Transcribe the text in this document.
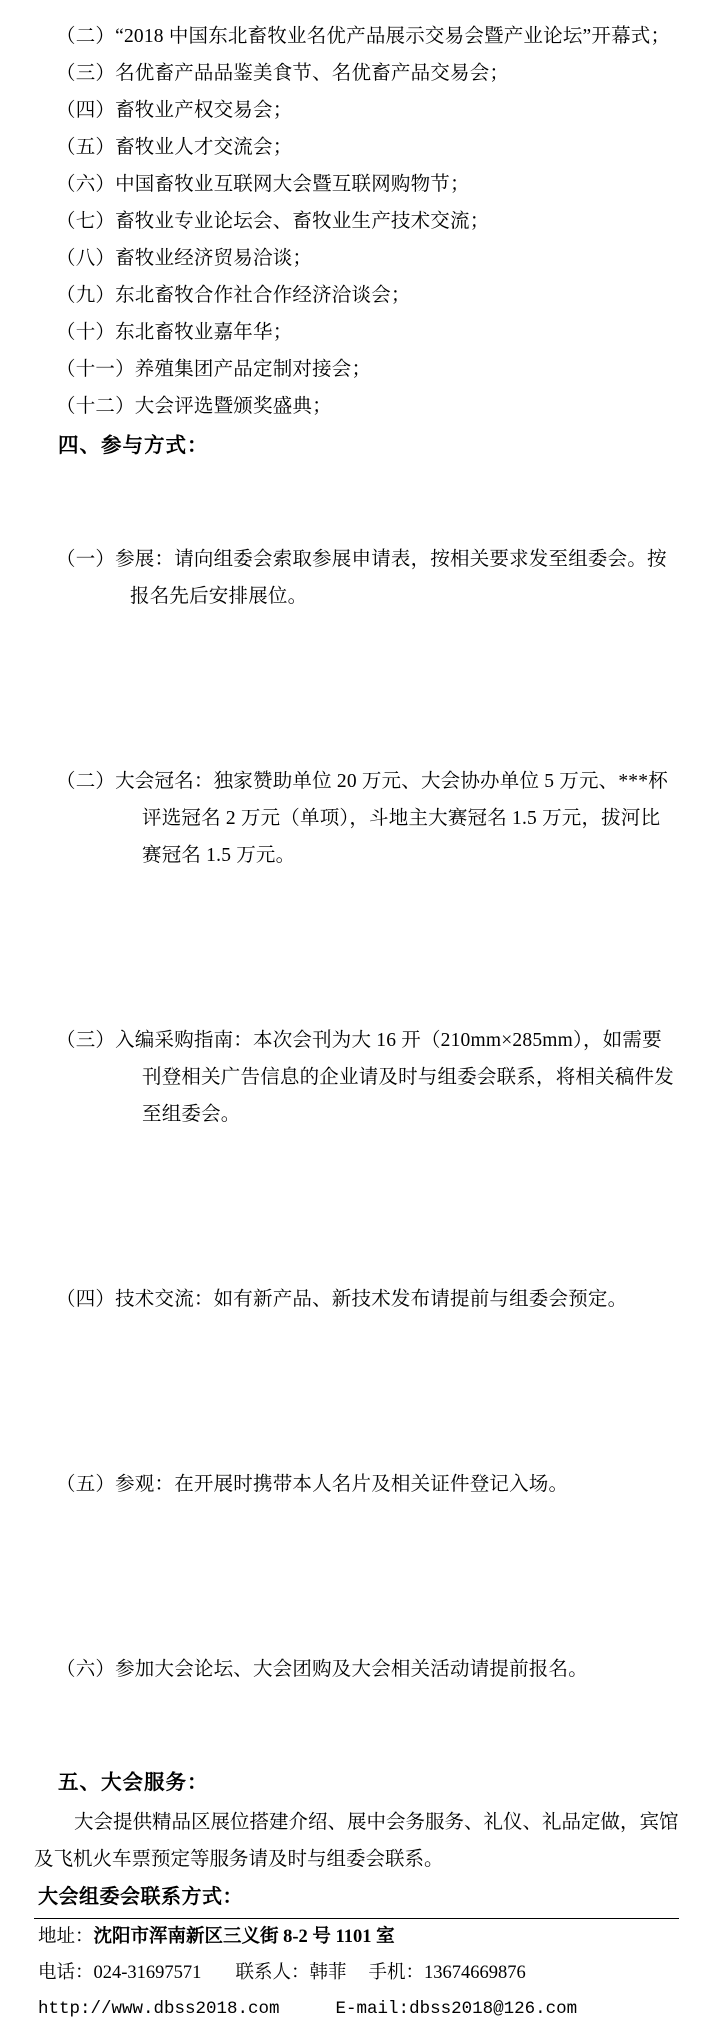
（二）“2018 中国东北畜牧业名优产品展示交易会暨产业论坛”开幕式；
（三）名优畜产品品鉴美食节、名优畜产品交易会；
（四）畜牧业产权交易会；
（五）畜牧业人才交流会；
（六）中国畜牧业互联网大会暨互联网购物节；
（七）畜牧业专业论坛会、畜牧业生产技术交流；
（八）畜牧业经济贸易洽谈；
（九）东北畜牧合作社合作经济洽谈会；
（十）东北畜牧业嘉年华；
（十一）养殖集团产品定制对接会；
（十二）大会评选暨颁奖盛典；
四、参与方式：

（一）参展：请向组委会索取参展申请表，按相关要求发至组委会。按报名先后安排展位。

（二）大会冠名：独家赞助单位 20 万元、大会协办单位 5 万元、***杯评选冠名 2 万元（单项），斗地主大赛冠名 1.5 万元，拔河比赛冠名 1.5 万元。

（三）入编采购指南：本次会刊为大 16 开（210mm×285mm），如需要刊登相关广告信息的企业请及时与组委会联系，将相关稿件发至组委会。

（四）技术交流：如有新产品、新技术发布请提前与组委会预定。

（五）参观：在开展时携带本人名片及相关证件登记入场。

（六）参加大会论坛、大会团购及大会相关活动请提前报名。

五、大会服务：
大会提供精品区展位搭建介绍、展中会务服务、礼仪、礼品定做，宾馆及飞机火车票预定等服务请及时与组委会联系。
大会组委会联系方式：
地址：沈阳市浑南新区三义街 8-2 号 1101 室
电话：024-31697571 联系人：韩菲 手机：13674669876
http://www.dbss2018.com	E-mail:dbss2018@126.com
